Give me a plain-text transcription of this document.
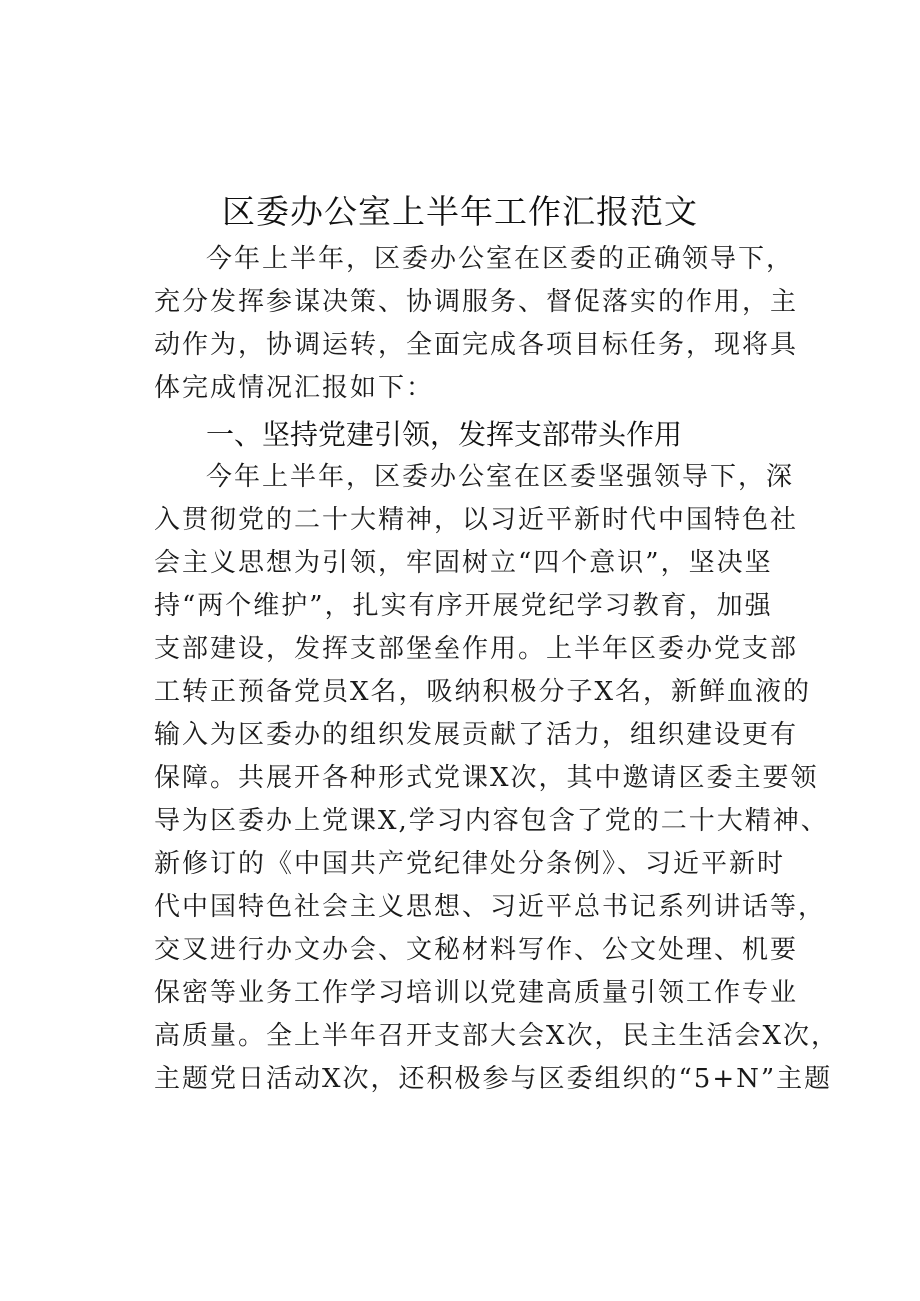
区委办公室上半年工作汇报范文
今年上半年，区委办公室在区委的正确领导下，
充分发挥参谋决策、协调服务、督促落实的作用，主
动作为，协调运转，全面完成各项目标任务，现将具
体完成情况汇报如下：
一、坚持党建引领，发挥支部带头作用
今年上半年，区委办公室在区委坚强领导下，深
入贯彻党的二十大精神，以习近平新时代中国特色社
会主义思想为引领，牢固树立“四个意识”，坚决坚
持“两个维护”，扎实有序开展党纪学习教育，加强
支部建设，发挥支部堡垒作用。上半年区委办党支部
工转正预备党员X名，吸纳积极分子X名，新鲜血液的
输入为区委办的组织发展贡献了活力，组织建设更有
保障。共展开各种形式党课X次，其中邀请区委主要领
导为区委办上党课X,学习内容包含了党的二十大精神、
新修订的《中国共产党纪律处分条例》、习近平新时
代中国特色社会主义思想、习近平总书记系列讲话等，
交叉进行办文办会、文秘材料写作、公文处理、机要
保密等业务工作学习培训以党建高质量引领工作专业
高质量。全上半年召开支部大会X次，民主生活会X次，
主题党日活动X次，还积极参与区委组织的“5+N”主题
